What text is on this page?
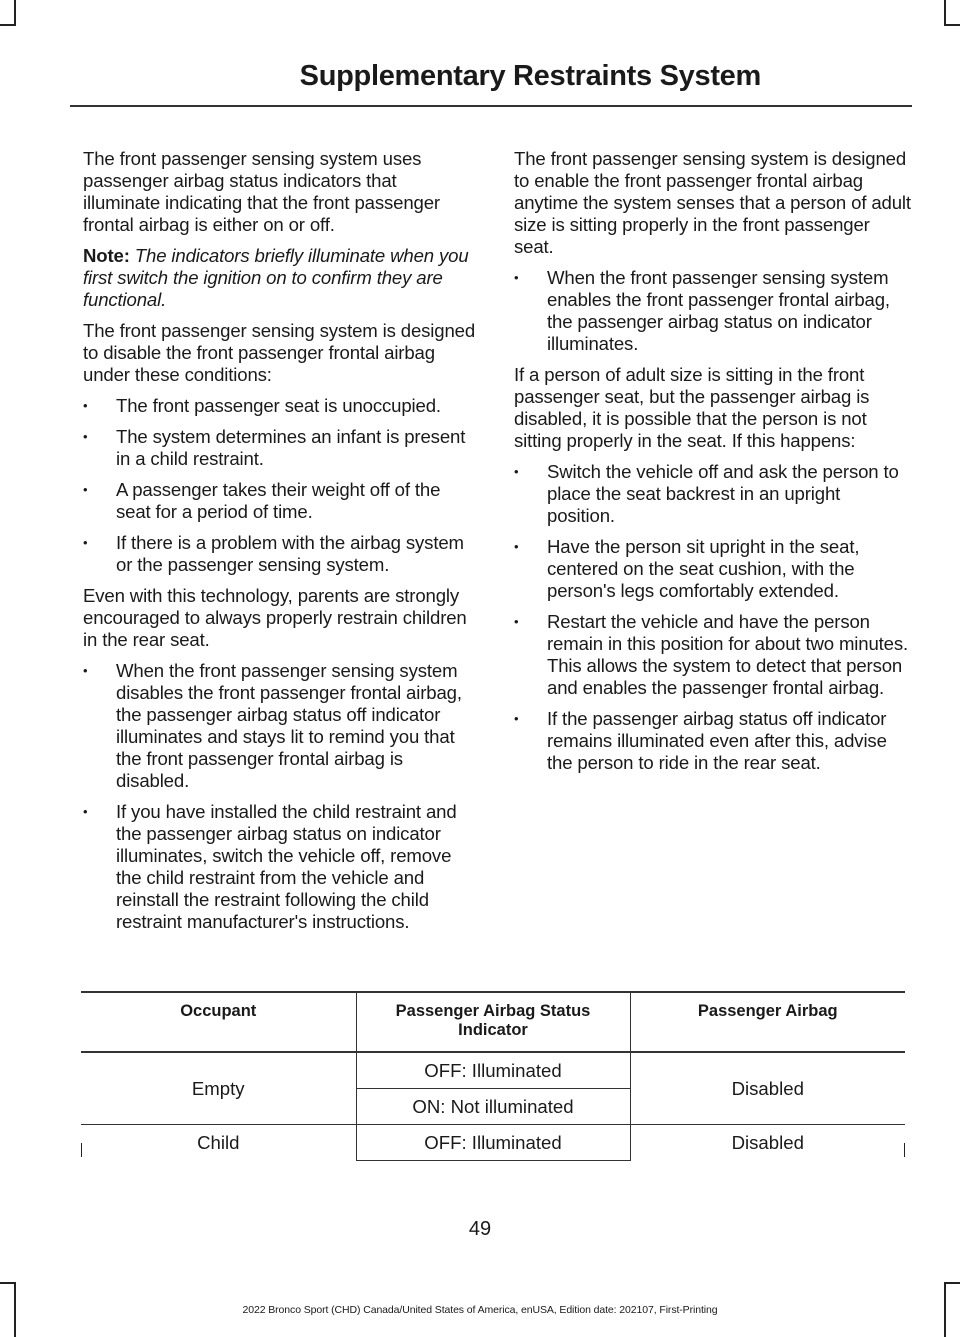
Supplementary Restraints System

The front passenger sensing system uses passenger airbag status indicators that illuminate indicating that the front passenger frontal airbag is either on or off.

Note: The indicators briefly illuminate when you first switch the ignition on to confirm they are functional.

The front passenger sensing system is designed to disable the front passenger frontal airbag under these conditions:

• The front passenger seat is unoccupied.
• The system determines an infant is present in a child restraint.
• A passenger takes their weight off of the seat for a period of time.
• If there is a problem with the airbag system or the passenger sensing system.

Even with this technology, parents are strongly encouraged to always properly restrain children in the rear seat.

• When the front passenger sensing system disables the front passenger frontal airbag, the passenger airbag status off indicator illuminates and stays lit to remind you that the front passenger frontal airbag is disabled.
• If you have installed the child restraint and the passenger airbag status on indicator illuminates, switch the vehicle off, remove the child restraint from the vehicle and reinstall the restraint following the child restraint manufacturer's instructions.

The front passenger sensing system is designed to enable the front passenger frontal airbag anytime the system senses that a person of adult size is sitting properly in the front passenger seat.

• When the front passenger sensing system enables the front passenger frontal airbag, the passenger airbag status on indicator illuminates.

If a person of adult size is sitting in the front passenger seat, but the passenger airbag is disabled, it is possible that the person is not sitting properly in the seat. If this happens:

• Switch the vehicle off and ask the person to place the seat backrest in an upright position.
• Have the person sit upright in the seat, centered on the seat cushion, with the person's legs comfortably extended.
• Restart the vehicle and have the person remain in this position for about two minutes. This allows the system to detect that person and enables the passenger frontal airbag.
• If the passenger airbag status off indicator remains illuminated even after this, advise the person to ride in the rear seat.
Occupant	Passenger Airbag Status Indicator	Passenger Airbag
Empty	OFF: Illuminated	Disabled
	ON: Not illuminated	
Child	OFF: Illuminated	Disabled
49
2022 Bronco Sport (CHD) Canada/United States of America, enUSA, Edition date: 202107, First-Printing
